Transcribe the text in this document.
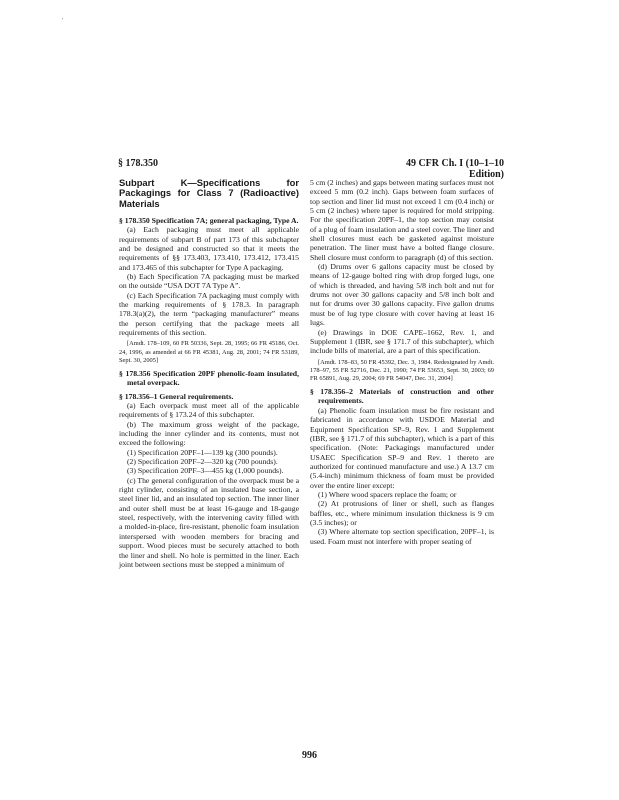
'
§ 178.350	49 CFR Ch. I (10–1–10 Edition)

Subpart K—Specifications for Packagings for Class 7 (Radioactive) Materials

§ 178.350 Specification 7A; general packaging, Type A.

(a) Each packaging must meet all applicable requirements of subpart B of part 173 of this subchapter and be designed and constructed so that it meets the requirements of §§ 173.403, 173.410, 173.412, 173.415 and 173.465 of this subchapter for Type A packaging.

(b) Each Specification 7A packaging must be marked on the outside “USA DOT 7A Type A”.

(c) Each Specification 7A packaging must comply with the marking requirements of § 178.3. In paragraph 178.3(a)(2), the term “packaging manufacturer” means the person certifying that the package meets all requirements of this section.

[Amdt. 178–109, 60 FR 50336, Sept. 28, 1995; 66 FR 45186, Oct. 24, 1996, as amended at 66 FR 45381, Aug. 28, 2001; 74 FR 53189, Sept. 30, 2005]

§ 178.356 Specification 20PF phenolic-foam insulated, metal overpack.

§ 178.356–1 General requirements.

(a) Each overpack must meet all of the applicable requirements of § 173.24 of this subchapter.

(b) The maximum gross weight of the package, including the inner cylinder and its contents, must not exceed the following:

(1) Specification 20PF–1—139 kg (300 pounds).

(2) Specification 20PF–2—320 kg (700 pounds).

(3) Specification 20PF–3—455 kg (1,000 pounds).

(c) The general configuration of the overpack must be a right cylinder, consisting of an insulated base section, a steel liner lid, and an insulated top section. The inner liner and outer shell must be at least 16-gauge and 18-gauge steel, respectively, with the intervening cavity filled with a molded-in-place, fire-resistant, phenolic foam insulation interspersed with wooden members for bracing and support. Wood pieces must be securely attached to both the liner and shell. No hole is permitted in the liner. Each joint between sections must be stepped a minimum of

5 cm (2 inches) and gaps between mating surfaces must not exceed 5 mm (0.2 inch). Gaps between foam surfaces of top section and liner lid must not exceed 1 cm (0.4 inch) or 5 cm (2 inches) where taper is required for mold stripping. For the specification 20PF–1, the top section may consist of a plug of foam insulation and a steel cover. The liner and shell closures must each be gasketed against moisture penetration. The liner must have a bolted flange closure. Shell closure must conform to paragraph (d) of this section.

(d) Drums over 6 gallons capacity must be closed by means of 12-gauge bolted ring with drop forged lugs, one of which is threaded, and having 5/8 inch bolt and nut for drums not over 30 gallons capacity and 5/8 inch bolt and nut for drums over 30 gallons capacity. Five gallon drums must be of lug type closure with cover having at least 16 lugs.

(e) Drawings in DOE CAPE–1662, Rev. 1, and Supplement 1 (IBR, see § 171.7 of this subchapter), which include bills of material, are a part of this specification.

[Amdt. 178–83, 50 FR 45392, Dec. 3, 1984. Redesignated by Amdt. 178–97, 55 FR 52716, Dec. 21, 1990; 74 FR 53653, Sept. 30, 2003; 69 FR 65891, Aug. 29, 2004; 69 FR 54047, Dec. 31, 2004]

§ 178.356–2 Materials of construction and other requirements.

(a) Phenolic foam insulation must be fire resistant and fabricated in accordance with USDOE Material and Equipment Specification SP–9, Rev. 1 and Supplement (IBR, see § 171.7 of this subchapter), which is a part of this specification. (Note: Packagings manufactured under USAEC Specification SP–9 and Rev. 1 thereto are authorized for continued manufacture and use.) A 13.7 cm (5.4-inch) minimum thickness of foam must be provided over the entire liner except:

(1) Where wood spacers replace the foam; or

(2) At protrusions of liner or shell, such as flanges baffles, etc., where minimum insulation thickness is 9 cm (3.5 inches); or

(3) Where alternate top section specification, 20PF–1, is used. Foam must not interfere with proper seating of

996
